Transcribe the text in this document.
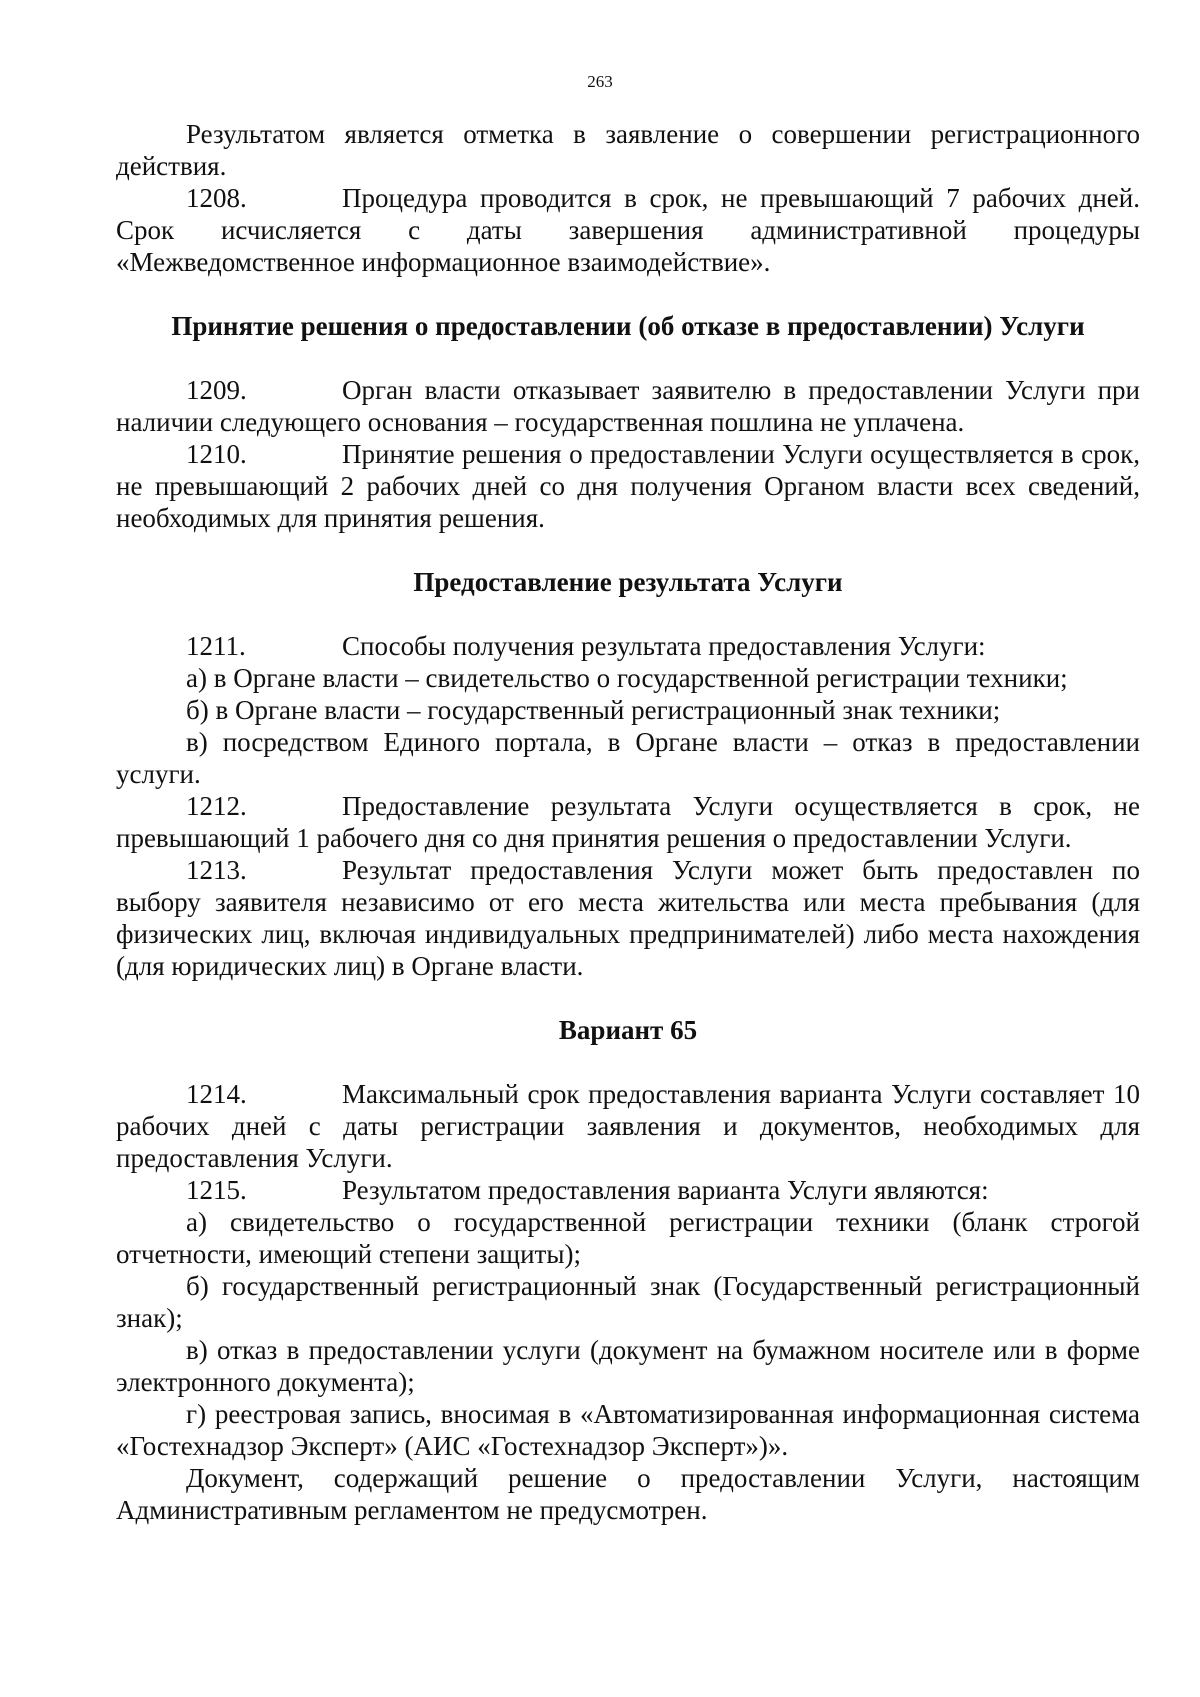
263

Результатом является отметка в заявление о совершении регистрационного действия.

1208.	Процедура проводится в срок, не превышающий 7 рабочих дней. Срок исчисляется с даты завершения административной процедуры «Межведомственное информационное взаимодействие».

Принятие решения о предоставлении (об отказе в предоставлении) Услуги

1209.	Орган власти отказывает заявителю в предоставлении Услуги при наличии следующего основания – государственная пошлина не уплачена.

1210.	Принятие решения о предоставлении Услуги осуществляется в срок, не превышающий 2 рабочих дней со дня получения Органом власти всех сведений, необходимых для принятия решения.

Предоставление результата Услуги

1211.	Способы получения результата предоставления Услуги:

а) в Органе власти – свидетельство о государственной регистрации техники;

б) в Органе власти – государственный регистрационный знак техники;

в) посредством Единого портала, в Органе власти – отказ в предоставлении услуги.

1212.	Предоставление результата Услуги осуществляется в срок, не превышающий 1 рабочего дня со дня принятия решения о предоставлении Услуги.

1213.	Результат предоставления Услуги может быть предоставлен по выбору заявителя независимо от его места жительства или места пребывания (для физических лиц, включая индивидуальных предпринимателей) либо места нахождения (для юридических лиц) в Органе власти.

Вариант 65

1214.	Максимальный срок предоставления варианта Услуги составляет 10 рабочих дней с даты регистрации заявления и документов, необходимых для предоставления Услуги.

1215.	Результатом предоставления варианта Услуги являются:

а) свидетельство о государственной регистрации техники (бланк строгой отчетности, имеющий степени защиты);

б) государственный регистрационный знак (Государственный регистрационный знак);

в) отказ в предоставлении услуги (документ на бумажном носителе или в форме электронного документа);

г) реестровая запись, вносимая в «Автоматизированная информационная система «Гостехнадзор Эксперт» (АИС «Гостехнадзор Эксперт»)».

Документ, содержащий решение о предоставлении Услуги, настоящим Административным регламентом не предусмотрен.
